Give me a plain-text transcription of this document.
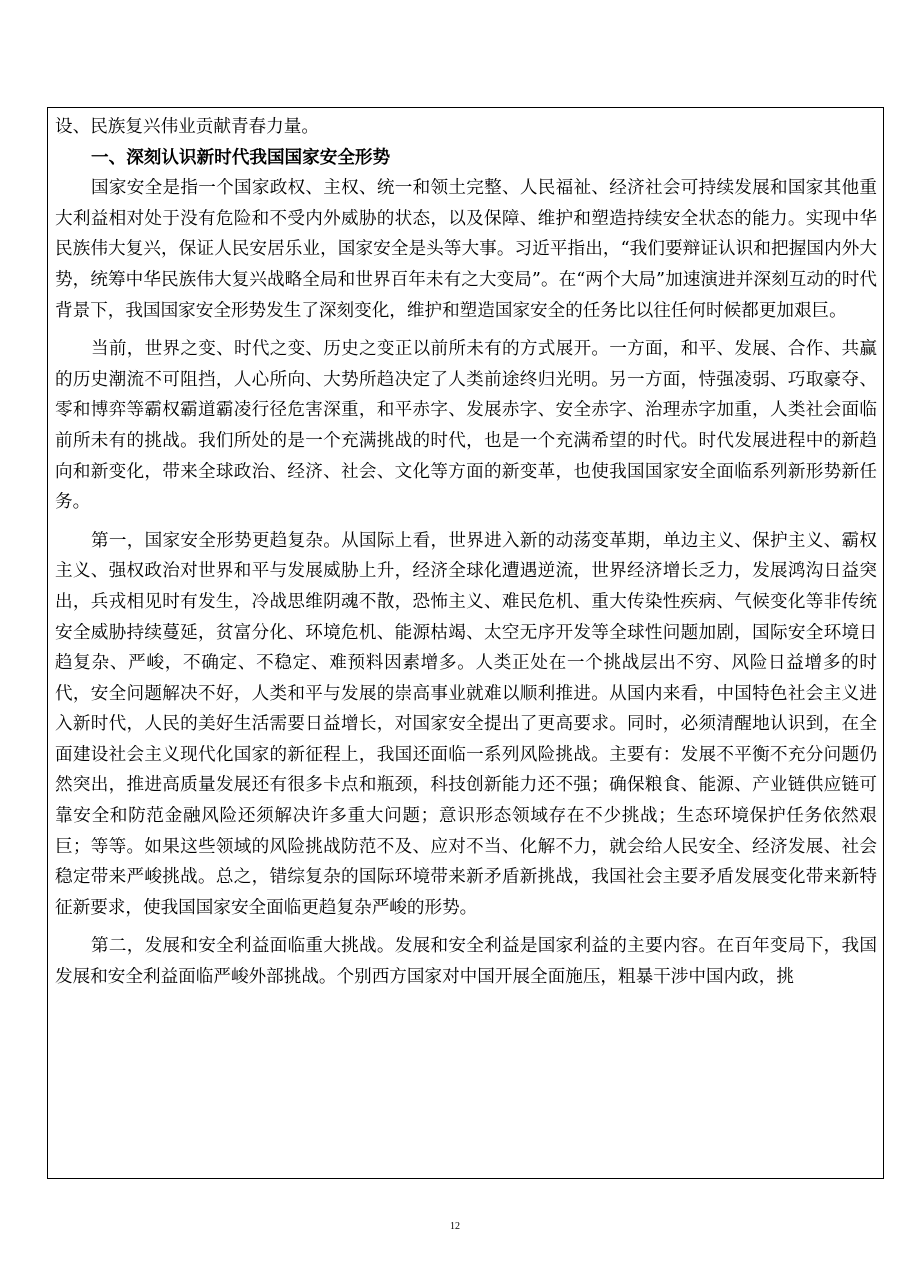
设、民族复兴伟业贡献青春力量。

一、深刻认识新时代我国国家安全形势

国家安全是指一个国家政权、主权、统一和领土完整、人民福祉、经济社会可持续发展和国家其他重大利益相对处于没有危险和不受内外威胁的状态，以及保障、维护和塑造持续安全状态的能力。实现中华民族伟大复兴，保证人民安居乐业，国家安全是头等大事。习近平指出，“我们要辩证认识和把握国内外大势，统筹中华民族伟大复兴战略全局和世界百年未有之大变局”。在“两个大局”加速演进并深刻互动的时代背景下，我国国家安全形势发生了深刻变化，维护和塑造国家安全的任务比以往任何时候都更加艰巨。

当前，世界之变、时代之变、历史之变正以前所未有的方式展开。一方面，和平、发展、合作、共赢的历史潮流不可阻挡，人心所向、大势所趋决定了人类前途终归光明。另一方面，恃强凌弱、巧取豪夺、零和博弈等霸权霸道霸凌行径危害深重，和平赤字、发展赤字、安全赤字、治理赤字加重，人类社会面临前所未有的挑战。我们所处的是一个充满挑战的时代，也是一个充满希望的时代。时代发展进程中的新趋向和新变化，带来全球政治、经济、社会、文化等方面的新变革，也使我国国家安全面临系列新形势新任务。

第一，国家安全形势更趋复杂。从国际上看，世界进入新的动荡变革期，单边主义、保护主义、霸权主义、强权政治对世界和平与发展威胁上升，经济全球化遭遇逆流，世界经济增长乏力，发展鸿沟日益突出，兵戎相见时有发生，冷战思维阴魂不散，恐怖主义、难民危机、重大传染性疾病、气候变化等非传统安全威胁持续蔓延，贫富分化、环境危机、能源枯竭、太空无序开发等全球性问题加剧，国际安全环境日趋复杂、严峻，不确定、不稳定、难预料因素增多。人类正处在一个挑战层出不穷、风险日益增多的时代，安全问题解决不好，人类和平与发展的崇高事业就难以顺利推进。从国内来看，中国特色社会主义进入新时代，人民的美好生活需要日益增长，对国家安全提出了更高要求。同时，必须清醒地认识到，在全面建设社会主义现代化国家的新征程上，我国还面临一系列风险挑战。主要有：发展不平衡不充分问题仍然突出，推进高质量发展还有很多卡点和瓶颈，科技创新能力还不强；确保粮食、能源、产业链供应链可靠安全和防范金融风险还须解决许多重大问题；意识形态领域存在不少挑战；生态环境保护任务依然艰巨；等等。如果这些领域的风险挑战防范不及、应对不当、化解不力，就会给人民安全、经济发展、社会稳定带来严峻挑战。总之，错综复杂的国际环境带来新矛盾新挑战，我国社会主要矛盾发展变化带来新特征新要求，使我国国家安全面临更趋复杂严峻的形势。

第二，发展和安全利益面临重大挑战。发展和安全利益是国家利益的主要内容。在百年变局下，我国发展和安全利益面临严峻外部挑战。个别西方国家对中国开展全面施压，粗暴干涉中国内政，挑

12
